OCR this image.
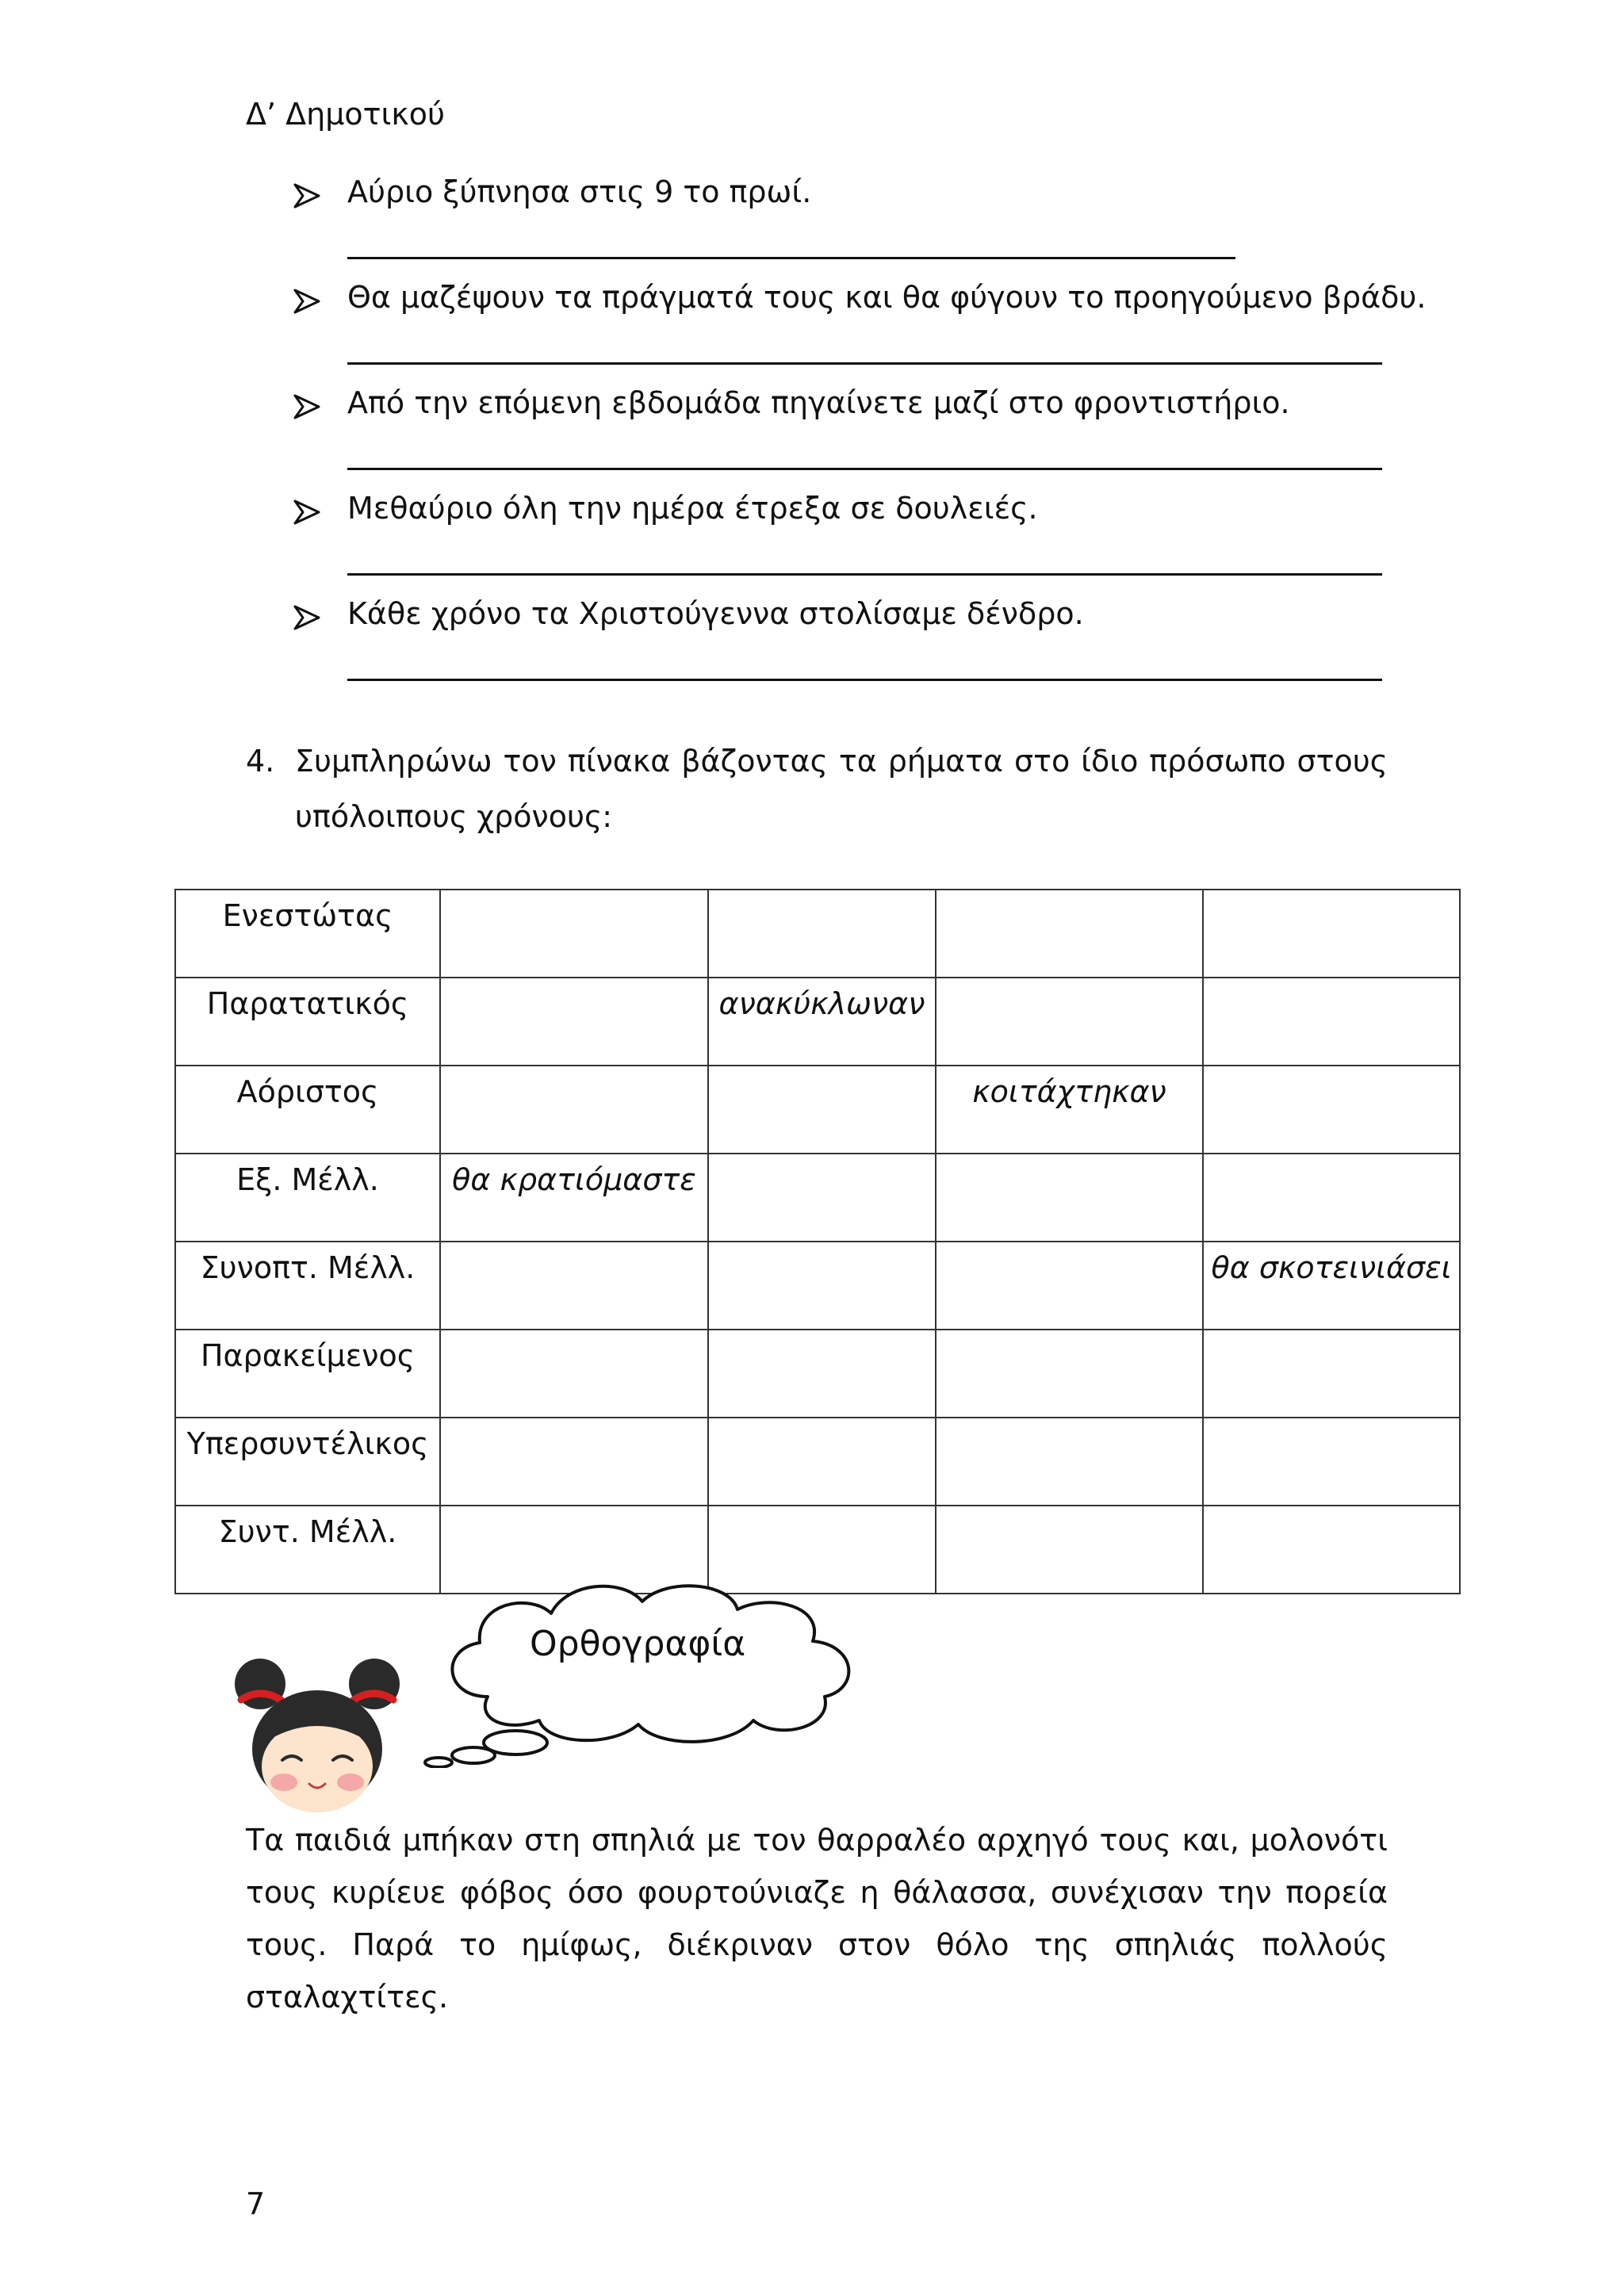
Δ’ Δημοτικού
Αύριο ξύπνησα στις 9 το πρωί.
Θα μαζέψουν τα πράγματά τους και θα φύγουν το προηγούμενο βράδυ.
Από την επόμενη εβδομάδα πηγαίνετε μαζί στο φροντιστήριο.
Μεθαύριο όλη την ημέρα έτρεξα σε δουλειές.
Κάθε χρόνο τα Χριστούγεννα στολίσαμε δένδρο.
4. Συμπληρώνω τον πίνακα βάζοντας τα ρήματα στο ίδιο πρόσωπο στους
υπόλοιπους χρόνους:
Ενεστώτας				
Παρατατικός		ανακύκλωναν		
Αόριστος			κοιτάχτηκαν	
Εξ. Μέλλ.	θα κρατιόμαστε			
Συνοπτ. Μέλλ.				θα σκοτεινιάσει
Παρακείμενος				
Υπερσυντέλικος				
Συντ. Μέλλ.				
Ορθογραφία
Τα παιδιά μπήκαν στη σπηλιά με τον θαρραλέο αρχηγό τους και, μολονότι τους κυρίευε φόβος όσο φουρτούνιαζε η θάλασσα, συνέχισαν την πορεία τους. Παρά το ημίφως, διέκριναν στον θόλο της σπηλιάς πολλούς σταλαχτίτες.
7
